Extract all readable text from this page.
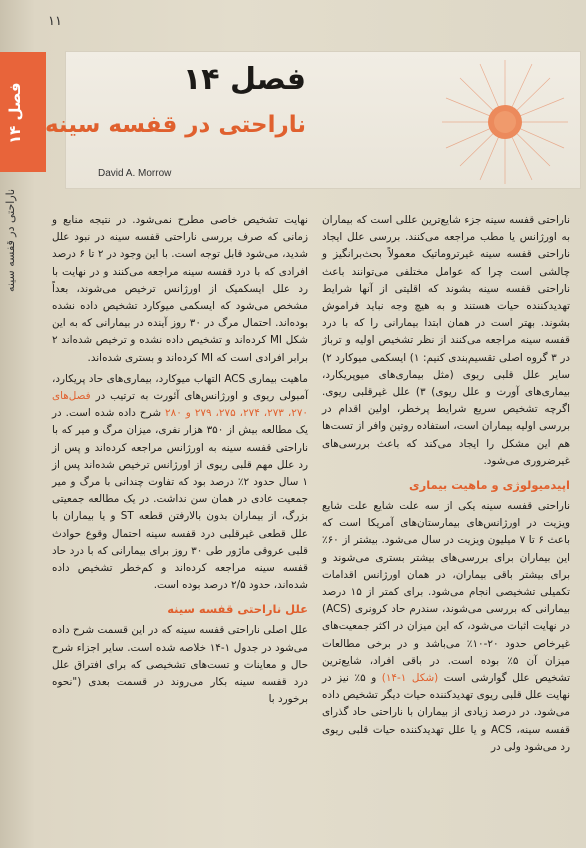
۱۱
فصل ۱۴
ناراحتی در قفسه سینه
فصل ۱۴
ناراحتی در قفسه سینه
David A. Morrow

ناراحتی قفسه سینه جزء شایع‌ترین عللی است که بیماران به اورژانس یا مطب مراجعه می‌کنند. بررسی علل ایجاد ناراحتی قفسه سینه غیرتروماتیک معمولاً بحث‌برانگیز و چالشی است چرا که عوامل مختلفی می‌توانند باعث ناراحتی قفسه سینه بشوند که اقلیتی از آنها شرایط تهدیدکننده حیات هستند و به هیچ وجه نباید فراموش بشوند. بهتر است در همان ابتدا بیمارانی را که با درد قفسه سینه مراجعه می‌کنند از نظر تشخیص اولیه و ترباژ در ۳ گروه اصلی تقسیم‌بندی کنیم: ۱) ایسکمی میوکارد ۲) سایر علل قلبی ریوی (مثل بیماری‌های میوپریکارد، بیماری‌های آورت و علل ریوی) ۳) علل غیرقلبی ریوی. اگرچه تشخیص سریع شرایط پرخطر، اولین اقدام در بررسی اولیه بیماران است، استفاده روتین وافر از تست‌ها هم این مشکل را ایجاد می‌کند که باعث بررسی‌های غیرضروری می‌شود.

اپیدمیولوژی و ماهیت بیماری

ناراحتی قفسه سینه یکی از سه علت شایع علت شایع ویزیت در اورژانس‌های بیمارستان‌های آمریکا است که باعث ۶ تا ۷ میلیون ویزیت در سال می‌شود. بیشتر از ۶۰٪ این بیماران برای بررسی‌های بیشتر بستری می‌شوند و برای بیشتر باقی بیماران، در همان اورژانس اقدامات تکمیلی تشخیصی انجام می‌شود. برای کمتر از ۱۵ درصد بیمارانی که بررسی می‌شوند، سندرم حاد کرونری (ACS) در نهایت اثبات می‌شود، که این میزان در اکثر جمعیت‌های غیرخاص حدود ۲۰-۱۰٪ می‌باشد و در برخی مطالعات میزان آن ۵٪ بوده است. در باقی افراد، شایع‌ترین تشخیص علل گوارشی است (شکل ۱-۱۴) و ۵٪ نیز در نهایت علل قلبی ریوی تهدیدکننده حیات دیگر تشخیص داده می‌شود. در درصد زیادی از بیماران با ناراحتی حاد گذرای قفسه سینه، ACS و یا علل تهدیدکننده حیات قلبی ریوی رد می‌شود ولی در

نهایت تشخیص خاصی مطرح نمی‌شود. در نتیجه منابع و زمانی که صرف بررسی ناراحتی قفسه سینه در نبود علل شدید، می‌شود قابل توجه است. با این وجود در ۲ تا ۶ درصد افرادی که با درد قفسه سینه مراجعه می‌کنند و در نهایت با رد علل ایسکمیک از اورژانس ترخیص می‌شوند، بعداً مشخص می‌شود که ایسکمی میوکارد تشخیص داده نشده بوده‌اند. احتمال مرگ در ۳۰ روز آینده در بیمارانی که به این شکل MI کرده‌اند و تشخیص داده نشده و ترخیص شده‌اند ۲ برابر افرادی است که MI کرده‌اند و بستری شده‌اند.

ماهیت بیماری ACS التهاب میوکارد، بیماری‌های حاد پریکارد، آمبولی ریوی و اورژانس‌های آئورت به ترتیب در فصل‌های ۲۷۰، ۲۷۳، ۲۷۴، ۲۷۵، ۲۷۹ و ۲۸۰ شرح داده شده است. در یک مطالعه بیش از ۳۵۰ هزار نفری، میزان مرگ و میر که با ناراحتی قفسه سینه به اورژانس مراجعه کرده‌اند و پس از رد علل مهم قلبی ریوی از اورژانس ترخیص شده‌اند پس از ۱ سال حدود ۲٪ درصد بود که تفاوت چندانی با مرگ و میر جمعیت عادی در همان سن نداشت. در یک مطالعه جمعیتی بزرگ، از بیماران بدون بالارفتن قطعه ST و یا بیماران با علل قطعی غیرقلبی درد قفسه سینه احتمال وقوع حوادث قلبی عروقی ماژور طی ۳۰ روز برای بیمارانی که با درد حاد قفسه سینه مراجعه کرده‌اند و کم‌خطر تشخیص داده شده‌اند، حدود ۲/۵ درصد بوده است.

علل ناراحتی قفسه سینه

علل اصلی ناراحتی قفسه سینه که در این قسمت شرح داده می‌شود در جدول ۱-۱۴ خلاصه شده است. سایر اجزاء شرح حال و معاینات و تست‌های تشخیصی که برای افتراق علل درد قفسه سینه بکار می‌روند در قسمت بعدی ("نحوه برخورد با
